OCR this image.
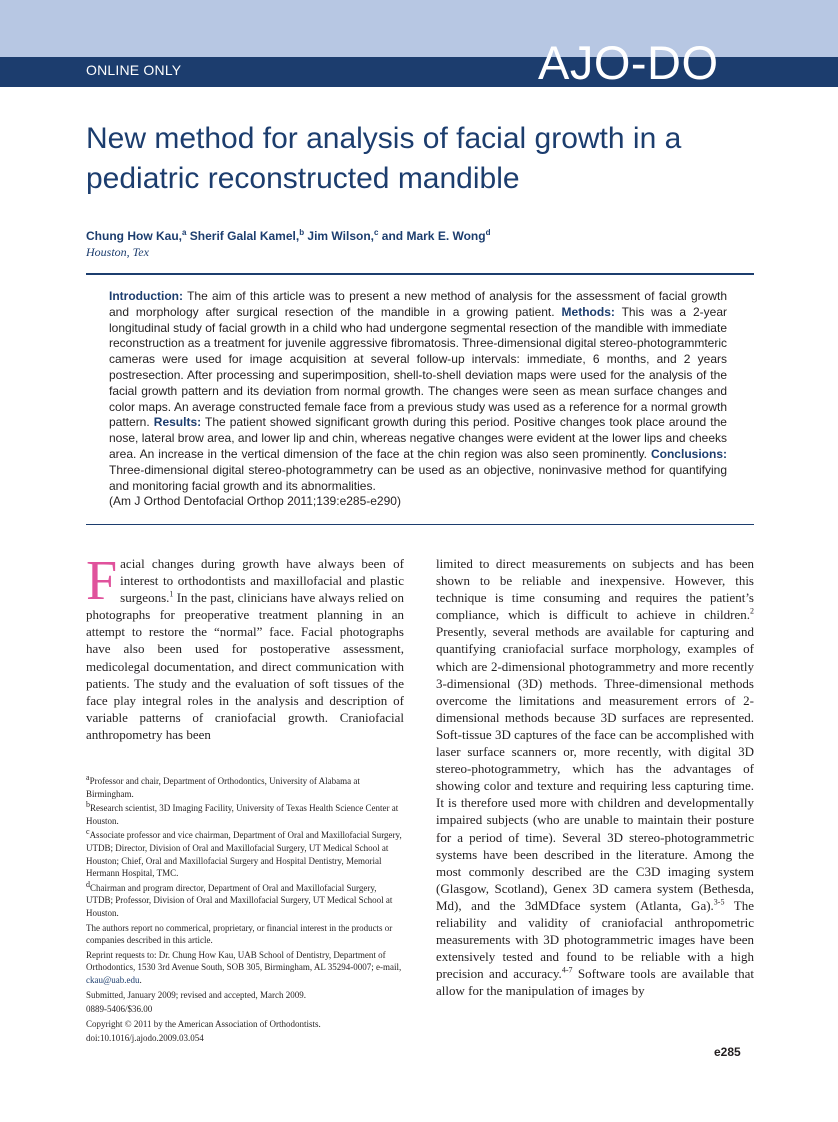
ONLINE ONLY	AJO-DO
New method for analysis of facial growth in a pediatric reconstructed mandible
Chung How Kau,$^a$ Sherif Galal Kamel,$^b$ Jim Wilson,$^c$ and Mark E. Wong$^d$
Houston, Tex

Introduction: The aim of this article was to present a new method of analysis for the assessment of facial growth and morphology after surgical resection of the mandible in a growing patient. Methods: This was a 2-year longitudinal study of facial growth in a child who had undergone segmental resection of the mandible with immediate reconstruction as a treatment for juvenile aggressive fibromatosis. Three-dimensional digital stereo-photogrammteric cameras were used for image acquisition at several follow-up intervals: immediate, 6 months, and 2 years postresection. After processing and superimposition, shell-to-shell deviation maps were used for the analysis of the facial growth pattern and its deviation from normal growth. The changes were seen as mean surface changes and color maps. An average constructed female face from a previous study was used as a reference for a normal growth pattern. Results: The patient showed significant growth during this period. Positive changes took place around the nose, lateral brow area, and lower lip and chin, whereas negative changes were evident at the lower lips and cheeks area. An increase in the vertical dimension of the face at the chin region was also seen prominently. Conclusions: Three-dimensional digital stereo-photogrammetry can be used as an objective, noninvasive method for quantifying and monitoring facial growth and its abnormalities.
(Am J Orthod Dentofacial Orthop 2011;139:e285-e290)

Facial changes during growth have always been of interest to orthodontists and maxillofacial and plastic surgeons.$^1$ In the past, clinicians have always relied on photographs for preoperative treatment planning in an attempt to restore the “normal” face. Facial photographs have also been used for postoperative assessment, medicolegal documentation, and direct communication with patients. The study and the evaluation of soft tissues of the face play integral roles in the analysis and description of variable patterns of craniofacial growth. Craniofacial anthropometry has been

$^a$Professor and chair, Department of Orthodontics, University of Alabama at Birmingham.

$^b$Research scientist, 3D Imaging Facility, University of Texas Health Science Center at Houston.

$^c$Associate professor and vice chairman, Department of Oral and Maxillofacial Surgery, UTDB; Director, Division of Oral and Maxillofacial Surgery, UT Medical School at Houston; Chief, Oral and Maxillofacial Surgery and Hospital Dentistry, Memorial Hermann Hospital, TMC.

$^d$Chairman and program director, Department of Oral and Maxillofacial Surgery, UTDB; Professor, Division of Oral and Maxillofacial Surgery, UT Medical School at Houston.

The authors report no commerical, proprietary, or financial interest in the products or companies described in this article.

Reprint requests to: Dr. Chung How Kau, UAB School of Dentistry, Department of Orthodontics, 1530 3rd Avenue South, SOB 305, Birmingham, AL 35294-0007; e-mail, ckau@uab.edu.

Submitted, January 2009; revised and accepted, March 2009.

0889-5406/$36.00

Copyright © 2011 by the American Association of Orthodontists.

doi:10.1016/j.ajodo.2009.03.054

limited to direct measurements on subjects and has been shown to be reliable and inexpensive. However, this technique is time consuming and requires the patient’s compliance, which is difficult to achieve in children.$^2$ Presently, several methods are available for capturing and quantifying craniofacial surface morphology, examples of which are 2-dimensional photogrammetry and more recently 3-dimensional (3D) methods. Three-dimensional methods overcome the limitations and measurement errors of 2-dimensional methods because 3D surfaces are represented. Soft-tissue 3D captures of the face can be accomplished with laser surface scanners or, more recently, with digital 3D stereo-photogrammetry, which has the advantages of showing color and texture and requiring less capturing time. It is therefore used more with children and developmentally impaired subjects (who are unable to maintain their posture for a period of time). Several 3D stereo-photogrammetric systems have been described in the literature. Among the most commonly described are the C3D imaging system (Glasgow, Scotland), Genex 3D camera system (Bethesda, Md), and the 3dMDface system (Atlanta, Ga).$^{3-5}$ The reliability and validity of craniofacial anthropometric measurements with 3D photogrammetric images have been extensively tested and found to be reliable with a high precision and accuracy.$^{4-7}$ Software tools are available that allow for the manipulation of images by

e285
